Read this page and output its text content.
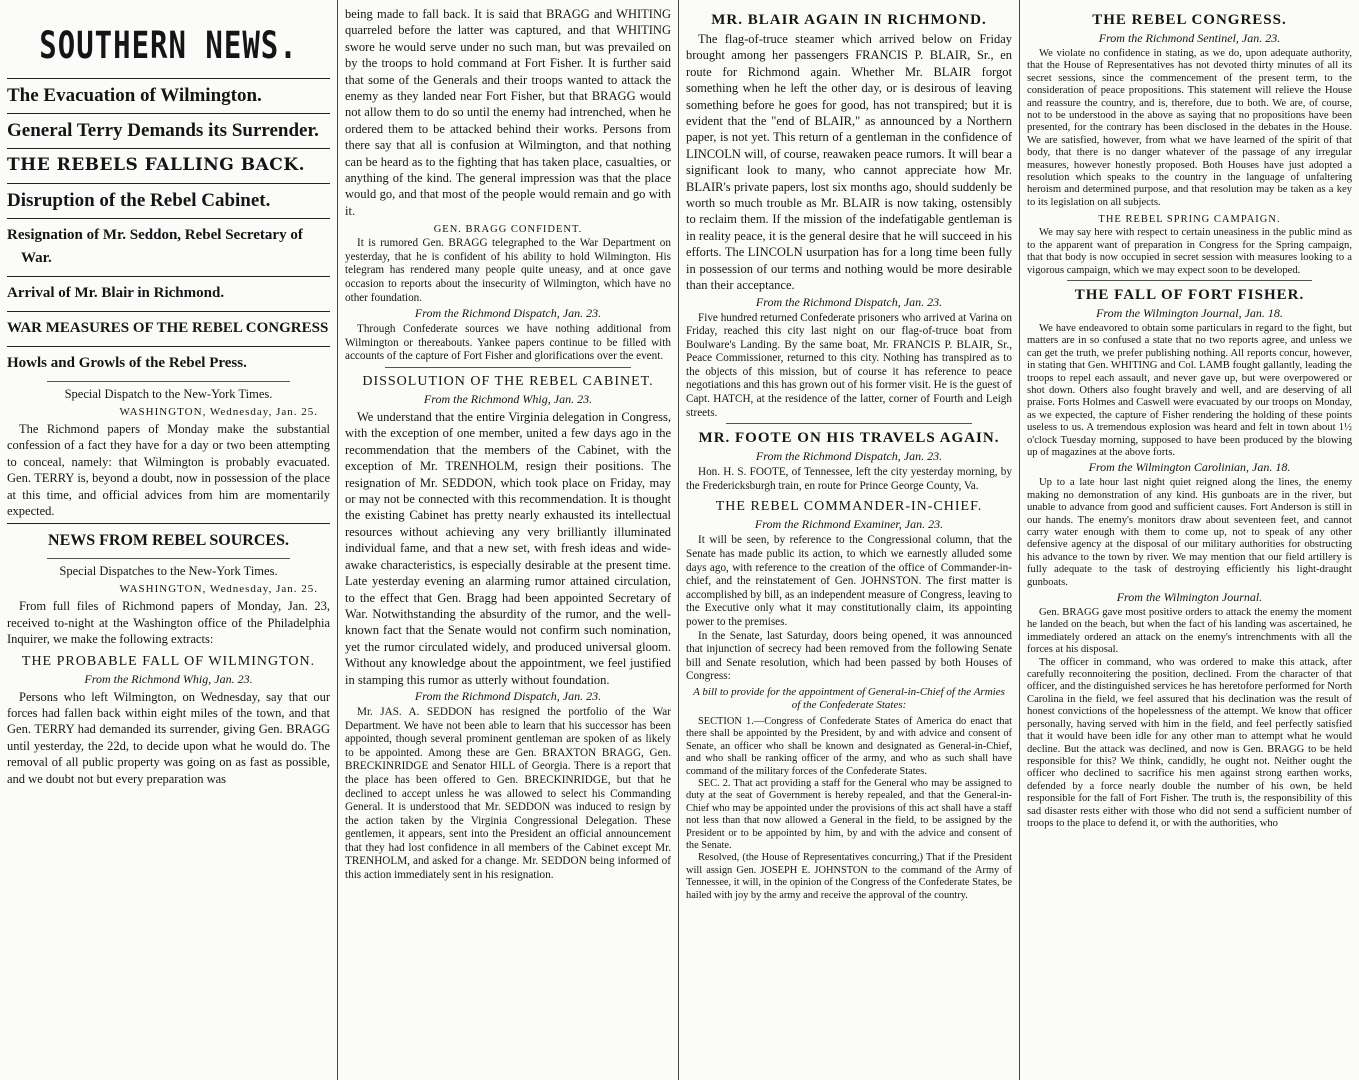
SOUTHERN NEWS.
The Evacuation of Wilmington.
General Terry Demands its Surrender.
THE REBELS FALLING BACK.
Disruption of the Rebel Cabinet.
Resignation of Mr. Seddon, Rebel Secretary of War.
Arrival of Mr. Blair in Richmond.
WAR MEASURES OF THE REBEL CONGRESS
Howls and Growls of the Rebel Press.
Special Dispatch to the New-York Times.
WASHINGTON, Wednesday, Jan. 25.

The Richmond papers of Monday make the substantial confession of a fact they have for a day or two been attempting to conceal, namely: that Wilmington is probably evacuated. Gen. TERRY is, beyond a doubt, now in possession of the place at this time, and official advices from him are momentarily expected.

NEWS FROM REBEL SOURCES.
Special Dispatches to the New-York Times.
WASHINGTON, Wednesday, Jan. 25.

From full files of Richmond papers of Monday, Jan. 23, received to-night at the Washington office of the Philadelphia Inquirer, we make the following extracts:

THE PROBABLE FALL OF WILMINGTON.
From the Richmond Whig, Jan. 23.

Persons who left Wilmington, on Wednesday, say that our forces had fallen back within eight miles of the town, and that Gen. TERRY had demanded its surrender, giving Gen. BRAGG until yesterday, the 22d, to decide upon what he would do. The removal of all public property was going on as fast as possible, and we doubt not but every preparation was

being made to fall back. It is said that BRAGG and WHITING quarreled before the latter was captured, and that WHITING swore he would serve under no such man, but was prevailed on by the troops to hold command at Fort Fisher. It is further said that some of the Generals and their troops wanted to attack the enemy as they landed near Fort Fisher, but that BRAGG would not allow them to do so until the enemy had intrenched, when he ordered them to be attacked behind their works. Persons from there say that all is confusion at Wilmington, and that nothing can be heard as to the fighting that has taken place, casualties, or anything of the kind. The general impression was that the place would go, and that most of the people would remain and go with it.

GEN. BRAGG CONFIDENT.

It is rumored Gen. BRAGG telegraphed to the War Department on yesterday, that he is confident of his ability to hold Wilmington. His telegram has rendered many people quite uneasy, and at once gave occasion to reports about the insecurity of Wilmington, which have no other foundation.

From the Richmond Dispatch, Jan. 23.

Through Confederate sources we have nothing additional from Wilmington or thereabouts. Yankee papers continue to be filled with accounts of the capture of Fort Fisher and glorifications over the event.

DISSOLUTION OF THE REBEL CABINET.
From the Richmond Whig, Jan. 23.

We understand that the entire Virginia delegation in Congress, with the exception of one member, united a few days ago in the recommendation that the members of the Cabinet, with the exception of Mr. TRENHOLM, resign their positions. The resignation of Mr. SEDDON, which took place on Friday, may or may not be connected with this recommendation. It is thought the existing Cabinet has pretty nearly exhausted its intellectual resources without achieving any very brilliantly illuminated individual fame, and that a new set, with fresh ideas and wide-awake characteristics, is especially desirable at the present time. Late yesterday evening an alarming rumor attained circulation, to the effect that Gen. Bragg had been appointed Secretary of War. Notwithstanding the absurdity of the rumor, and the well-known fact that the Senate would not confirm such nomination, yet the rumor circulated widely, and produced universal gloom. Without any knowledge about the appointment, we feel justified in stamping this rumor as utterly without foundation.

From the Richmond Dispatch, Jan. 23.

Mr. JAS. A. SEDDON has resigned the portfolio of the War Department. We have not been able to learn that his successor has been appointed, though several prominent gentleman are spoken of as likely to be appointed. Among these are Gen. BRAXTON BRAGG, Gen. BRECKINRIDGE and Senator HILL of Georgia. There is a report that the place has been offered to Gen. BRECKINRIDGE, but that he declined to accept unless he was allowed to select his Commanding General. It is understood that Mr. SEDDON was induced to resign by the action taken by the Virginia Congressional Delegation. These gentlemen, it appears, sent into the President an official announcement that they had lost confidence in all members of the Cabinet except Mr. TRENHOLM, and asked for a change. Mr. SEDDON being informed of this action immediately sent in his resignation.

MR. BLAIR AGAIN IN RICHMOND.

The flag-of-truce steamer which arrived below on Friday brought among her passengers FRANCIS P. BLAIR, Sr., en route for Richmond again. Whether Mr. BLAIR forgot something when he left the other day, or is desirous of leaving something before he goes for good, has not transpired; but it is evident that the "end of BLAIR," as announced by a Northern paper, is not yet. This return of a gentleman in the confidence of LINCOLN will, of course, reawaken peace rumors. It will bear a significant look to many, who cannot appreciate how Mr. BLAIR's private papers, lost six months ago, should suddenly be worth so much trouble as Mr. BLAIR is now taking, ostensibly to reclaim them. If the mission of the indefatigable gentleman is in reality peace, it is the general desire that he will succeed in his efforts. The LINCOLN usurpation has for a long time been fully in possession of our terms and nothing would be more desirable than their acceptance.

From the Richmond Dispatch, Jan. 23.

Five hundred returned Confederate prisoners who arrived at Varina on Friday, reached this city last night on our flag-of-truce boat from Boulware's Landing. By the same boat, Mr. FRANCIS P. BLAIR, Sr., Peace Commissioner, returned to this city. Nothing has transpired as to the objects of this mission, but of course it has reference to peace negotiations and this has grown out of his former visit. He is the guest of Capt. HATCH, at the residence of the latter, corner of Fourth and Leigh streets.

MR. FOOTE ON HIS TRAVELS AGAIN.
From the Richmond Dispatch, Jan. 23.

Hon. H. S. FOOTE, of Tennessee, left the city yesterday morning, by the Fredericksburgh train, en route for Prince George County, Va.

THE REBEL COMMANDER-IN-CHIEF.
From the Richmond Examiner, Jan. 23.

It will be seen, by reference to the Congressional column, that the Senate has made public its action, to which we earnestly alluded some days ago, with reference to the creation of the office of Commander-in-chief, and the reinstatement of Gen. JOHNSTON. The first matter is accomplished by bill, as an independent measure of Congress, leaving to the Executive only what it may constitutionally claim, its appointing power to the premises.

In the Senate, last Saturday, doors being opened, it was announced that injunction of secrecy had been removed from the following Senate bill and Senate resolution, which had been passed by both Houses of Congress:

A bill to provide for the appointment of General-in-Chief of the Armies of the Confederate States:

SECTION 1.—Congress of Confederate States of America do enact that there shall be appointed by the President, by and with advice and consent of Senate, an officer who shall be known and designated as General-in-Chief, and who shall be ranking officer of the army, and who as such shall have command of the military forces of the Confederate States.

SEC. 2. That act providing a staff for the General who may be assigned to duty at the seat of Government is hereby repealed, and that the General-in-Chief who may be appointed under the provisions of this act shall have a staff not less than that now allowed a General in the field, to be assigned by the President or to be appointed by him, by and with the advice and consent of the Senate.

Resolved, (the House of Representatives concurring,) That if the President will assign Gen. JOSEPH E. JOHNSTON to the command of the Army of Tennessee, it will, in the opinion of the Congress of the Confederate States, be hailed with joy by the army and receive the approval of the country.

THE REBEL CONGRESS.
From the Richmond Sentinel, Jan. 23.

We violate no confidence in stating, as we do, upon adequate authority, that the House of Representatives has not devoted thirty minutes of all its secret sessions, since the commencement of the present term, to the consideration of peace propositions. This statement will relieve the House and reassure the country, and is, therefore, due to both. We are, of course, not to be understood in the above as saying that no propositions have been presented, for the contrary has been disclosed in the debates in the House. We are satisfied, however, from what we have learned of the spirit of that body, that there is no danger whatever of the passage of any irregular measures, however honestly proposed. Both Houses have just adopted a resolution which speaks to the country in the language of unfaltering heroism and determined purpose, and that resolution may be taken as a key to its legislation on all subjects.

THE REBEL SPRING CAMPAIGN.

We may say here with respect to certain uneasiness in the public mind as to the apparent want of preparation in Congress for the Spring campaign, that that body is now occupied in secret session with measures looking to a vigorous campaign, which we may expect soon to be developed.

THE FALL OF FORT FISHER.
From the Wilmington Journal, Jan. 18.

We have endeavored to obtain some particulars in regard to the fight, but matters are in so confused a state that no two reports agree, and unless we can get the truth, we prefer publishing nothing. All reports concur, however, in stating that Gen. WHITING and Col. LAMB fought gallantly, leading the troops to repel each assault, and never gave up, but were overpowered or shot down. Others also fought bravely and well, and are deserving of all praise. Forts Holmes and Caswell were evacuated by our troops on Monday, as we expected, the capture of Fisher rendering the holding of these points useless to us. A tremendous explosion was heard and felt in town about 1½ o'clock Tuesday morning, supposed to have been produced by the blowing up of magazines at the above forts.

From the Wilmington Carolinian, Jan. 18.

Up to a late hour last night quiet reigned along the lines, the enemy making no demonstration of any kind. His gunboats are in the river, but unable to advance from good and sufficient causes. Fort Anderson is still in our hands. The enemy's monitors draw about seventeen feet, and cannot carry water enough with them to come up, not to speak of any other defensive agency at the disposal of our military authorities for obstructing his advance to the town by river. We may mention that our field artillery is fully adequate to the task of destroying efficiently his light-draught gunboats.

From the Wilmington Journal.

Gen. BRAGG gave most positive orders to attack the enemy the moment he landed on the beach, but when the fact of his landing was ascertained, he immediately ordered an attack on the enemy's intrenchments with all the forces at his disposal.

The officer in command, who was ordered to make this attack, after carefully reconnoitering the position, declined. From the character of that officer, and the distinguished services he has heretofore performed for North Carolina in the field, we feel assured that his declination was the result of honest convictions of the hopelessness of the attempt. We know that officer personally, having served with him in the field, and feel perfectly satisfied that it would have been idle for any other man to attempt what he would decline. But the attack was declined, and now is Gen. BRAGG to be held responsible for this? We think, candidly, he ought not. Neither ought the officer who declined to sacrifice his men against strong earthen works, defended by a force nearly double the number of his own, be held responsible for the fall of Fort Fisher. The truth is, the responsibility of this sad disaster rests either with those who did not send a sufficient number of troops to the place to defend it, or with the authorities, who
